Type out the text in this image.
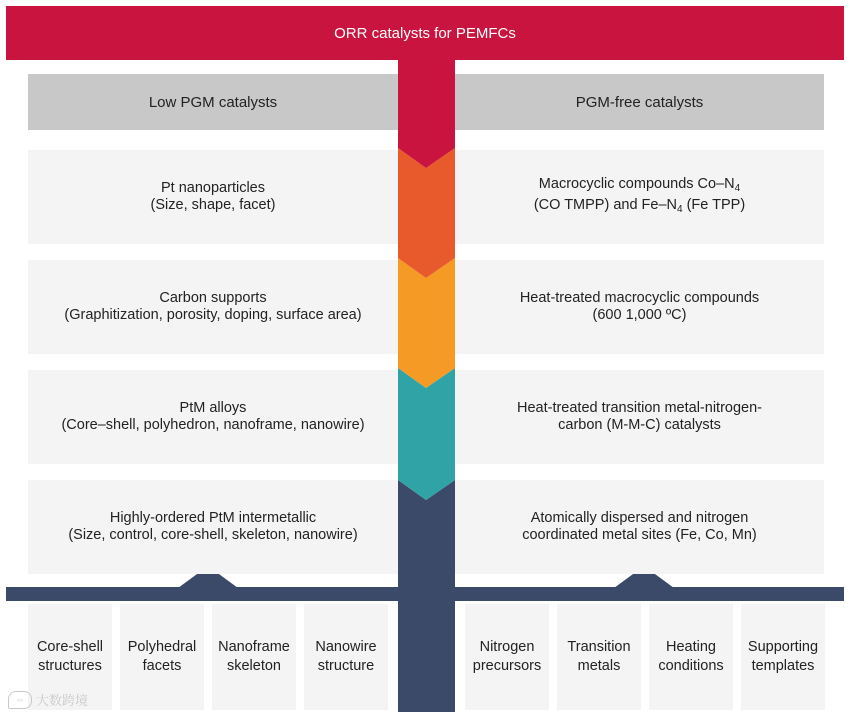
ORR catalysts for PEMFCs
Low PGM catalysts	PGM-free catalysts
Pt nanoparticles
(Size, shape, facet)
Carbon supports
(Graphitization, porosity, doping, surface area)
PtM alloys
(Core–shell, polyhedron, nanoframe, nanowire)
Highly-ordered PtM intermetallic
(Size, control, core-shell, skeleton, nanowire)
Macrocyclic compounds $Co-N_4$
(CO TMPP) and $Fe-N_4$ (Fe TPP)
Heat-treated macrocyclic compounds
(600 1,000 ºC)
Heat-treated transition metal-nitrogen-
carbon (M-M-C) catalysts
Atomically dispersed and nitrogen
coordinated metal sites (Fe, Co, Mn)
Core-shell
structures
Polyhedral
facets
Nanoframe
skeleton
Nanowire
structure
Nitrogen
precursors
Transition
metals
Heating
conditions
Supporting
templates
◦◦ 大数跨境
